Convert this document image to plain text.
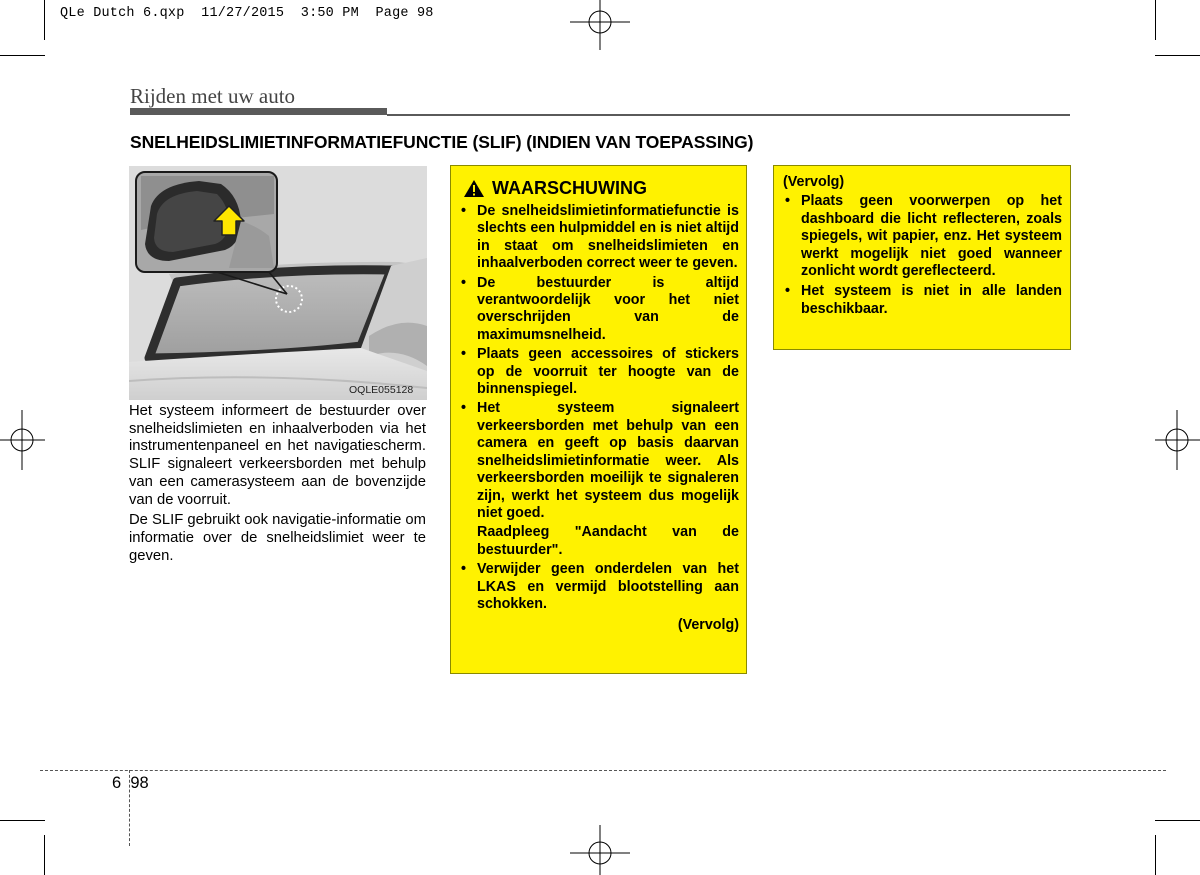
QLe Dutch 6.qxp 11/27/2015 3:50 PM Page 98
Rijden met uw auto
SNELHEIDSLIMIETINFORMATIEFUNCTIE (SLIF) (INDIEN VAN TOEPASSING)
OQLE055128

Het systeem informeert de bestuurder over snelheidslimieten en inhaalverboden via het instrumentenpaneel en het navigatiescherm. SLIF signaleert verkeersborden met behulp van een camerasysteem aan de bovenzijde van de voorruit.

De SLIF gebruikt ook navigatie-informatie om informatie over de snelheidslimiet weer te geven.

WAARSCHUWING
• De snelheidslimietinformatiefunctie is slechts een hulpmiddel en is niet altijd in staat om snelheidslimieten en inhaalverboden correct weer te geven.
• De bestuurder is altijd verantwoordelijk voor het niet overschrijden van de maximumsnelheid.
• Plaats geen accessoires of stickers op de voorruit ter hoogte van de binnenspiegel.
• Het systeem signaleert verkeersborden met behulp van een camera en geeft op basis daarvan snelheidslimietinformatie weer. Als verkeersborden moeilijk te signaleren zijn, werkt het systeem dus mogelijk niet goed.
Raadpleeg "Aandacht van de bestuurder".
• Verwijder geen onderdelen van het LKAS en vermijd blootstelling aan schokken.
(Vervolg)
(Vervolg)
• Plaats geen voorwerpen op het dashboard die licht reflecteren, zoals spiegels, wit papier, enz. Het systeem werkt mogelijk niet goed wanneer zonlicht wordt gereflecteerd.
• Het systeem is niet in alle landen beschikbaar.
6 98
